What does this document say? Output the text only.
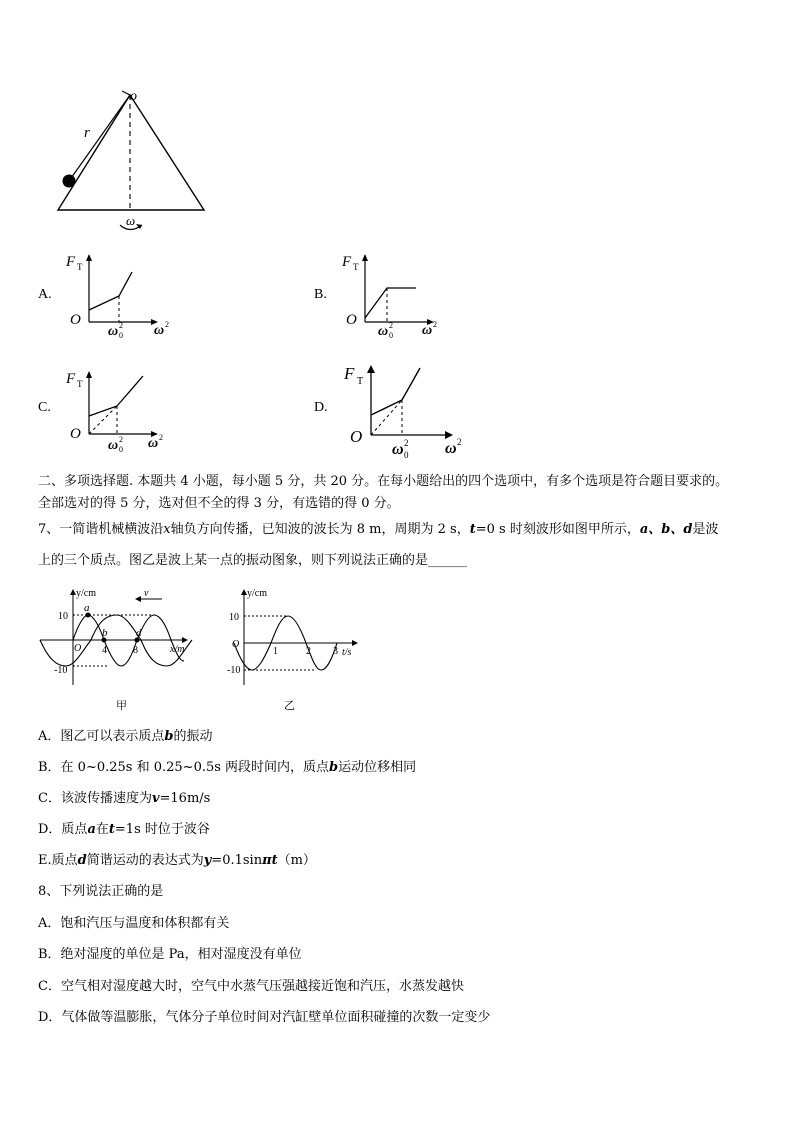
o
r
ω
A.
F T
O
ω 2
0 ω 2
B.
F T
O
ω 2
0 ω 2
C.
F T
O
ω 2
0 ω 2
D.
F T
O
ω 2
0 ω 2
二、多项选择题. 本题共 4 小题，每小题 5 分，共 20 分。在每小题给出的四个选项中，有多个选项是符合题目要求的。
全部选对的得 5 分，选对但不全的得 3 分，有选错的得 0 分。
7、一简谐机械横波沿x轴负方向传播，已知波的波长为 8 m，周期为 2 s，t=0 s 时刻波形如图甲所示，a、b、d是波
上的三个质点。图乙是波上某一点的振动图象，则下列说法正确的是______
y/cm
x/m
10
-10
O
a
b	d
4	8
v
甲
y/cm
t/s
10
-10
O
1	2 3
乙
A．图乙可以表示质点b的振动
B．在 0~0.25s 和 0.25~0.5s 两段时间内，质点b运动位移相同
C．该波传播速度为v=16m/s
D．质点a在t=1s 时位于波谷
E.质点d简谐运动的表达式为y=0.1sinπt（m）
8、下列说法正确的是
A．饱和汽压与温度和体积都有关
B．绝对湿度的单位是 Pa，相对湿度没有单位
C．空气相对湿度越大时，空气中水蒸气压强越接近饱和汽压，水蒸发越快
D．气体做等温膨胀，气体分子单位时间对汽缸壁单位面积碰撞的次数一定变少
